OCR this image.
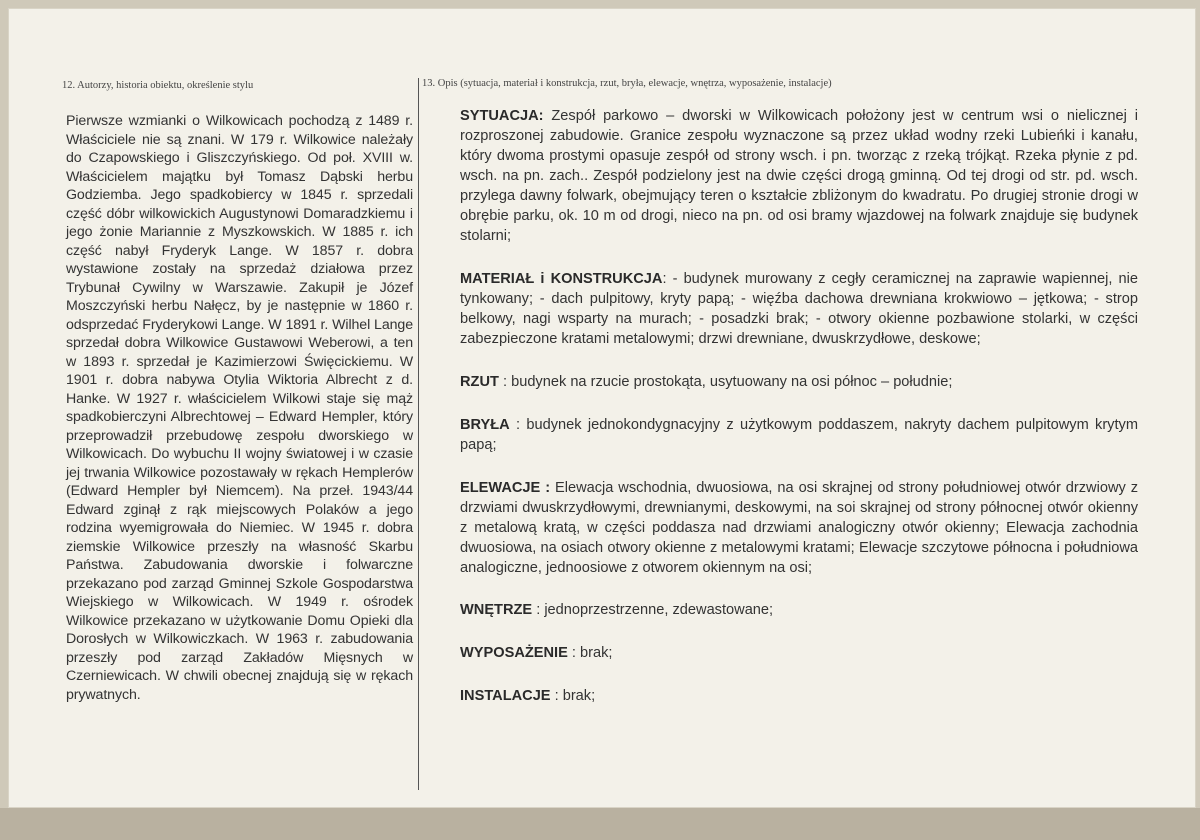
12. Autorzy, historia obiektu, określenie stylu	13. Opis (sytuacja, materiał i konstrukcja, rzut, bryła, elewacje, wnętrza, wyposażenie, instalacje)
Pierwsze wzmianki o Wilkowicach pochodzą z 1489 r. Właściciele nie są znani. W 179 r. Wilkowice należały do Czapowskiego i Gliszczyńskiego. Od poł. XVIII w. Właścicielem majątku był Tomasz Dąbski herbu Godziemba. Jego spadkobiercy w 1845 r. sprzedali część dóbr wilkowickich Augustynowi Domaradzkiemu i jego żonie Mariannie z Myszkowskich. W 1885 r. ich część nabył Fryderyk Lange. W 1857 r. dobra wystawione zostały na sprzedaż działowa przez Trybunał Cywilny w Warszawie. Zakupił je Józef Moszczyński herbu Nałęcz, by je następnie w 1860 r. odsprzedać Fryderykowi Lange. W 1891 r. Wilhel Lange sprzedał dobra Wilkowice Gustawowi Weberowi, a ten w 1893 r. sprzedał je Kazimierzowi Święcickiemu. W 1901 r. dobra nabywa Otylia Wiktoria Albrecht z d. Hanke. W 1927 r. właścicielem Wilkowi staje się mąż spadkobierczyni Albrechtowej – Edward Hempler, który przeprowadził przebudowę zespołu dworskiego w Wilkowicach. Do wybuchu II wojny światowej i w czasie jej trwania Wilkowice pozostawały w rękach Hemplerów (Edward Hempler był Niemcem). Na przeł. 1943/44 Edward zginął z rąk miejscowych Polaków a jego rodzina wyemigrowała do Niemiec. W 1945 r. dobra ziemskie Wilkowice przeszły na własność Skarbu Państwa. Zabudowania dworskie i folwarczne przekazano pod zarząd Gminnej Szkole Gospodarstwa Wiejskiego w Wilkowicach. W 1949 r. ośrodek Wilkowice przekazano w użytkowanie Domu Opieki dla Dorosłych w Wilkowiczkach. W 1963 r. zabudowania przeszły pod zarząd Zakładów Mięsnych w Czerniewicach. W chwili obecnej znajdują się w rękach prywatnych.

SYTUACJA: Zespół parkowo – dworski w Wilkowicach położony jest w centrum wsi o nielicznej i rozproszonej zabudowie. Granice zespołu wyznaczone są przez układ wodny rzeki Lubieńki i kanału, który dwoma prostymi opasuje zespół od strony wsch. i pn. tworząc z rzeką trójkąt. Rzeka płynie z pd. wsch. na pn. zach.. Zespół podzielony jest na dwie części drogą gminną. Od tej drogi od str. pd. wsch. przylega dawny folwark, obejmujący teren o kształcie zbliżonym do kwadratu. Po drugiej stronie drogi w obrębie parku, ok. 10 m od drogi, nieco na pn. od osi bramy wjazdowej na folwark znajduje się budynek stolarni;

MATERIAŁ i KONSTRUKCJA: - budynek murowany z cegły ceramicznej na zaprawie wapiennej, nie tynkowany; - dach pulpitowy, kryty papą; - więźba dachowa drewniana krokwiowo – jętkowa; - strop belkowy, nagi wsparty na murach; - posadzki brak; - otwory okienne pozbawione stolarki, w części zabezpieczone kratami metalowymi; drzwi drewniane, dwuskrzydłowe, deskowe;

RZUT : budynek na rzucie prostokąta, usytuowany na osi północ – południe;

BRYŁA : budynek jednokondygnacyjny z użytkowym poddaszem, nakryty dachem pulpitowym krytym papą;

ELEWACJE : Elewacja wschodnia, dwuosiowa, na osi skrajnej od strony południowej otwór drzwiowy z drzwiami dwuskrzydłowymi, drewnianymi, deskowymi, na soi skrajnej od strony północnej otwór okienny z metalową kratą, w części poddasza nad drzwiami analogiczny otwór okienny; Elewacja zachodnia dwuosiowa, na osiach otwory okienne z metalowymi kratami; Elewacje szczytowe północna i południowa analogiczne, jednoosiowe z otworem okiennym na osi;

WNĘTRZE : jednoprzestrzenne, zdewastowane;

WYPOSAŻENIE : brak;

INSTALACJE : brak;
